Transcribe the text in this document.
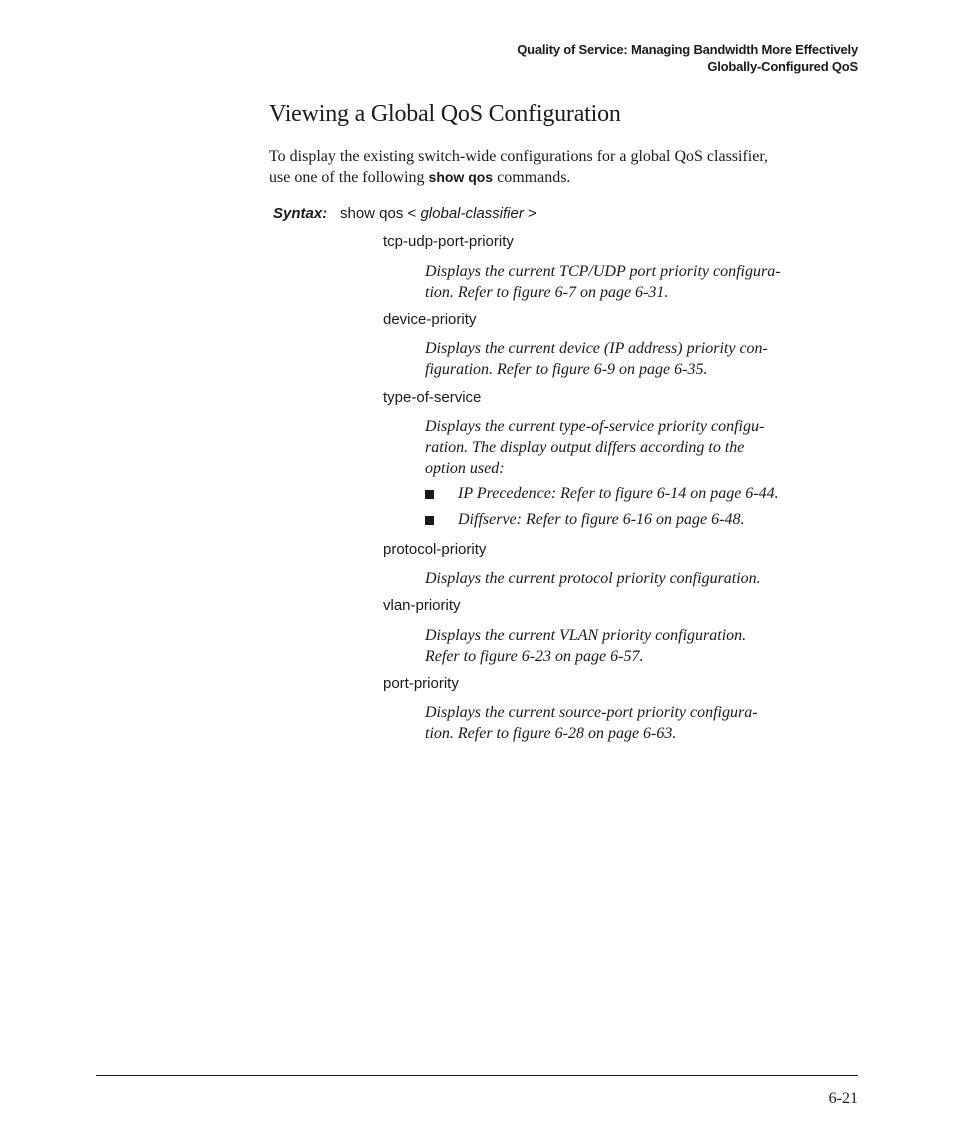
Quality of Service: Managing Bandwidth More Effectively
Globally-Configured QoS
Viewing a Global QoS Configuration

To display the existing switch-wide configurations for a global QoS classifier,
use one of the following show qos commands.

Syntax: show qos < global-classifier >
tcp-udp-port-priority

Displays the current TCP/UDP port priority configura-
tion. Refer to figure 6-7 on page 6-31.

device-priority

Displays the current device (IP address) priority con-
figuration. Refer to figure 6-9 on page 6-35.

type-of-service

Displays the current type-of-service priority configu-
ration. The display output differs according to the
option used:

IP Precedence: Refer to figure 6-14 on page 6-44.
Diffserve: Refer to figure 6-16 on page 6-48.
protocol-priority

Displays the current protocol priority configuration.

vlan-priority

Displays the current VLAN priority configuration.
Refer to figure 6-23 on page 6-57.

port-priority

Displays the current source-port priority configura-
tion. Refer to figure 6-28 on page 6-63.

6-21
